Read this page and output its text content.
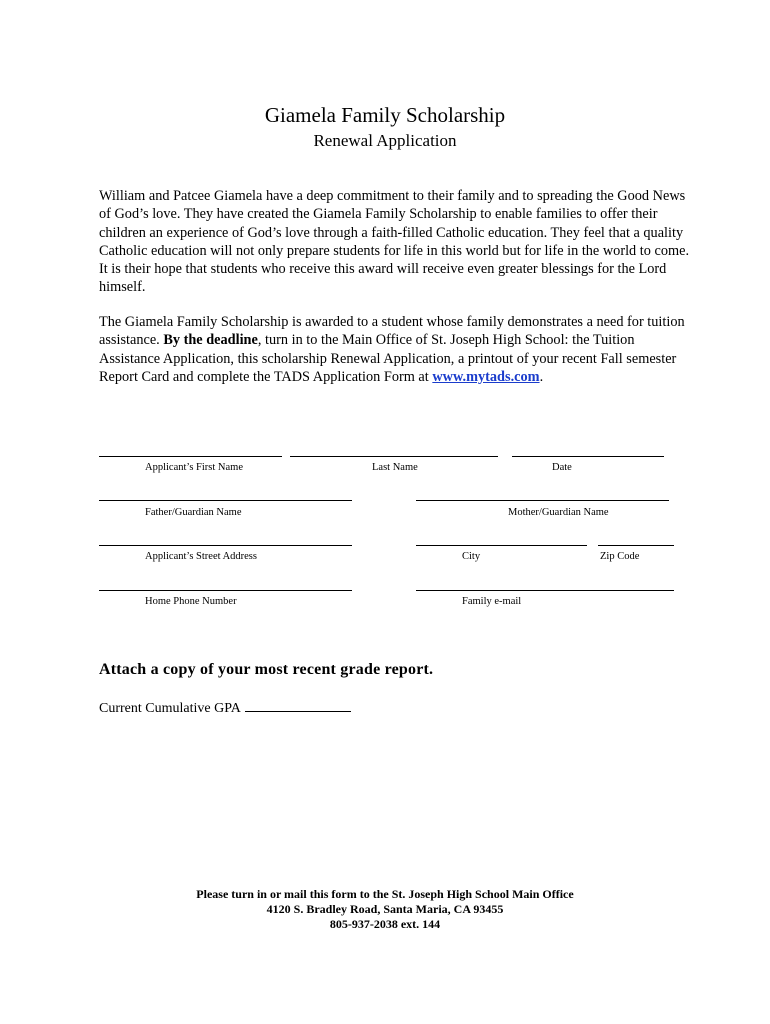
Giamela Family Scholarship
Renewal Application

William and Patcee Giamela have a deep commitment to their family and to spreading the Good News of God’s love. They have created the Giamela Family Scholarship to enable families to offer their children an experience of God’s love through a faith-filled Catholic education. They feel that a quality Catholic education will not only prepare students for life in this world but for life in the world to come. It is their hope that students who receive this award will receive even greater blessings for the Lord himself.

The Giamela Family Scholarship is awarded to a student whose family demonstrates a need for tuition assistance. By the deadline, turn in to the Main Office of St. Joseph High School: the Tuition Assistance Application, this scholarship Renewal Application, a printout of your recent Fall semester Report Card and complete the TADS Application Form at www.mytads.com.

Applicant’s First Name	Last Name	Date
Father/Guardian Name	Mother/Guardian Name
Applicant’s Street Address	City	Zip Code
Home Phone Number	Family e-mail
Attach a copy of your most recent grade report.
Current Cumulative GPA
Please turn in or mail this form to the St. Joseph High School Main Office
4120 S. Bradley Road, Santa Maria, CA 93455
805-937-2038 ext. 144
